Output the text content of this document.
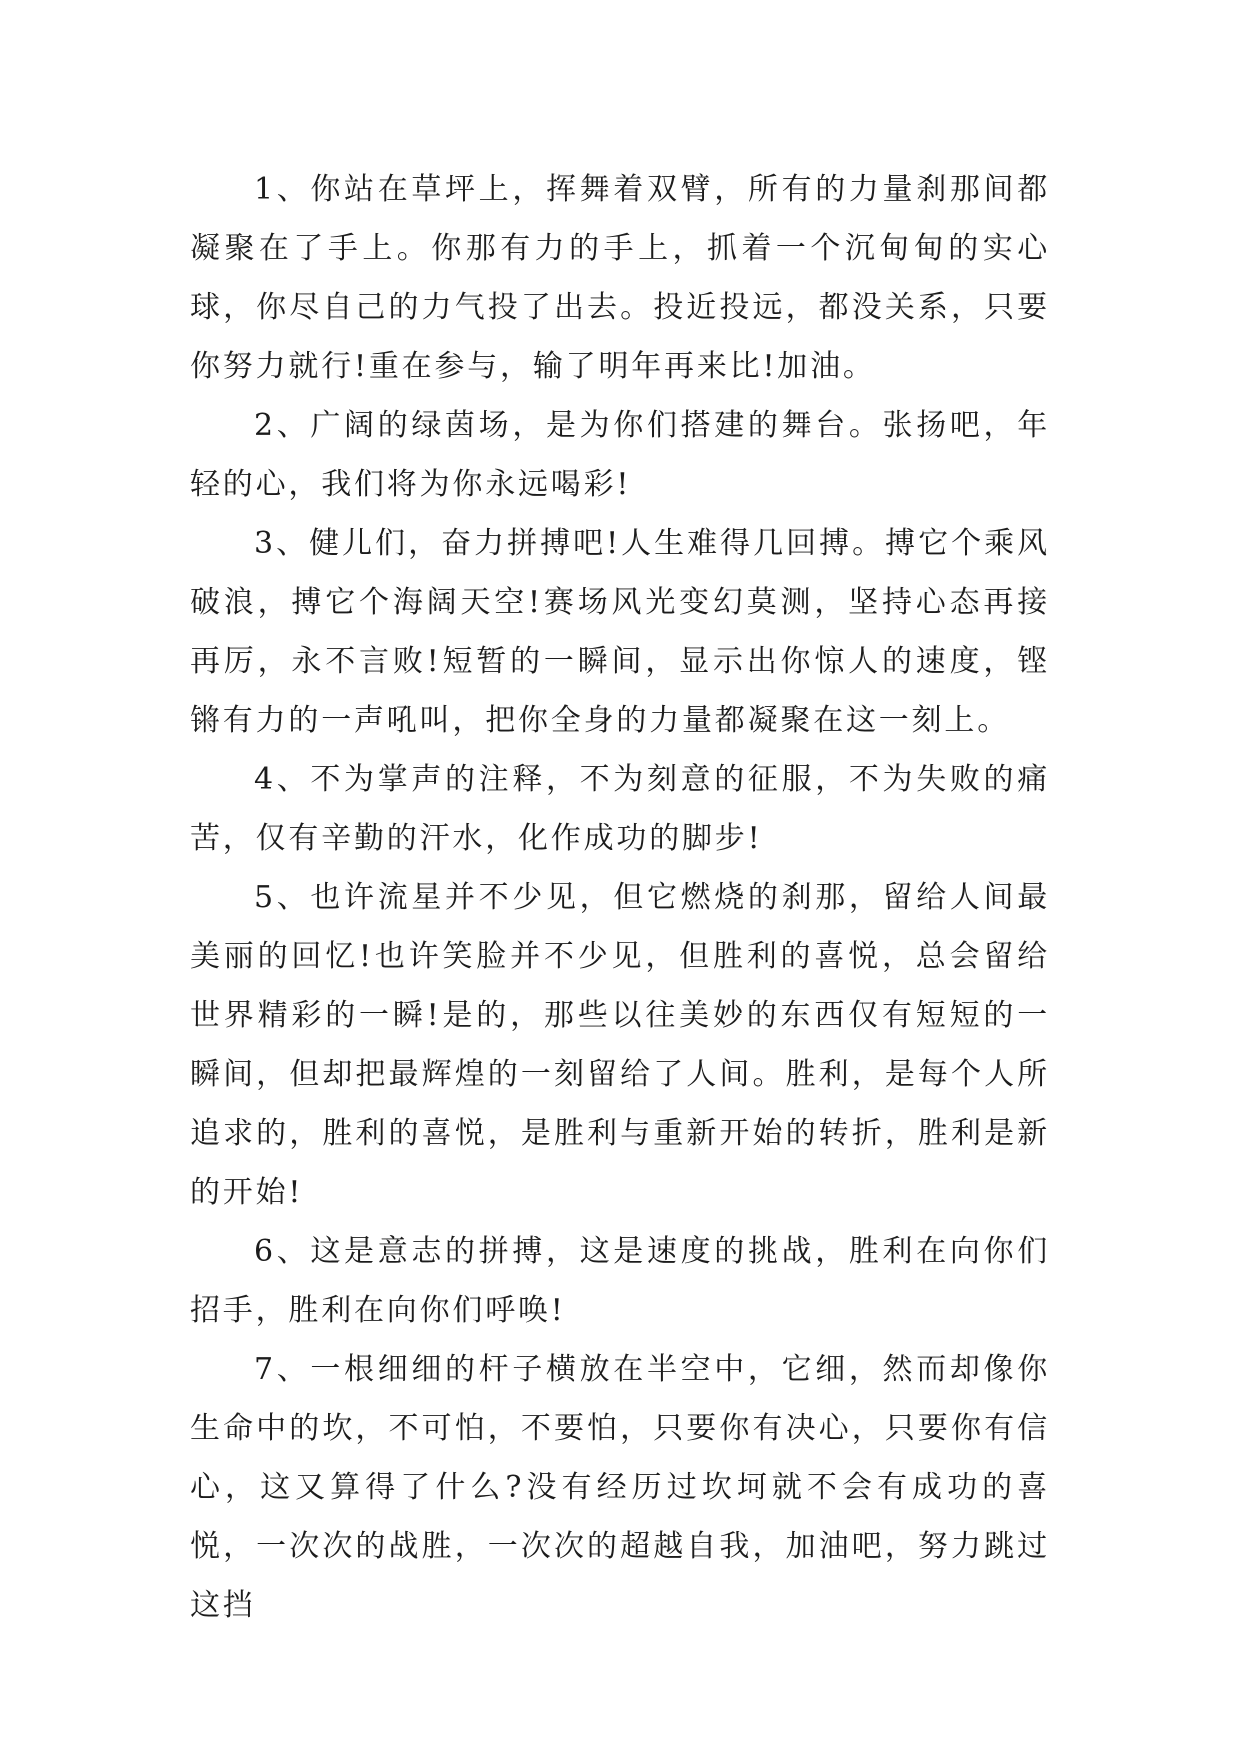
1、你站在草坪上，挥舞着双臂，所有的力量刹那间都凝聚在了手上。你那有力的手上，抓着一个沉甸甸的实心球，你尽自己的力气投了出去。投近投远，都没关系，只要你努力就行!重在参与，输了明年再来比!加油。

2、广阔的绿茵场，是为你们搭建的舞台。张扬吧，年轻的心，我们将为你永远喝彩!

3、健儿们，奋力拼搏吧!人生难得几回搏。搏它个乘风破浪，搏它个海阔天空!赛场风光变幻莫测，坚持心态再接再厉，永不言败!短暂的一瞬间，显示出你惊人的速度，铿锵有力的一声吼叫，把你全身的力量都凝聚在这一刻上。

4、不为掌声的注释，不为刻意的征服，不为失败的痛苦，仅有辛勤的汗水，化作成功的脚步!

5、也许流星并不少见，但它燃烧的刹那，留给人间最美丽的回忆!也许笑脸并不少见，但胜利的喜悦，总会留给世界精彩的一瞬!是的，那些以往美妙的东西仅有短短的一瞬间，但却把最辉煌的一刻留给了人间。胜利，是每个人所追求的，胜利的喜悦，是胜利与重新开始的转折，胜利是新的开始!

6、这是意志的拼搏，这是速度的挑战，胜利在向你们招手，胜利在向你们呼唤!

7、一根细细的杆子横放在半空中，它细，然而却像你生命中的坎，不可怕，不要怕，只要你有决心，只要你有信心，这又算得了什么?没有经历过坎坷就不会有成功的喜悦，一次次的战胜，一次次的超越自我，加油吧，努力跳过这挡
